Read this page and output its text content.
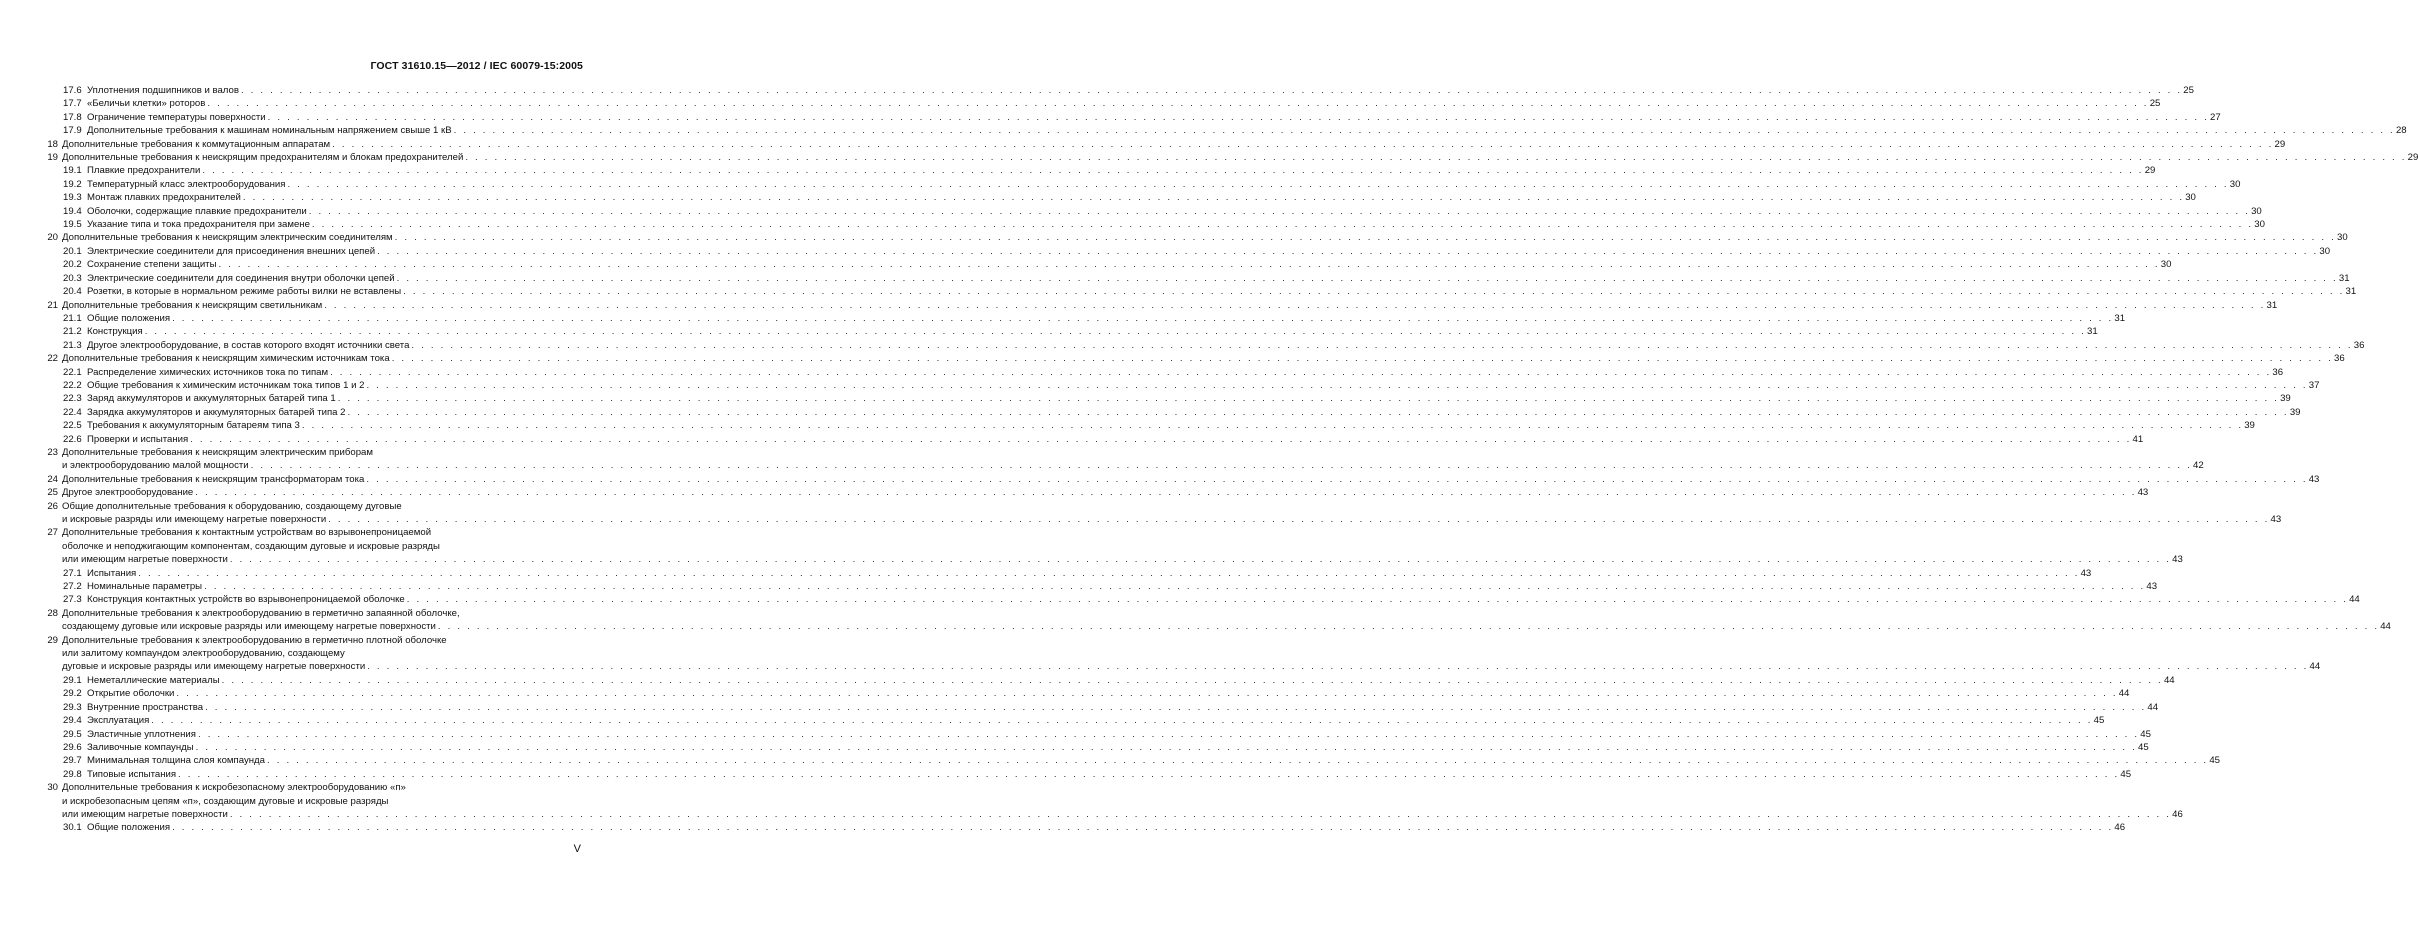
ГОСТ 31610.15—2012 / IEC 60079-15:2005
17.6 Уплотнения подшипников и валов . . . . . . . . . . . . . . . . . . . . . . . . . . . . . . . . . . . . . . . . . . . . . . . . . . . . . . . . . . . . . . . . . . . . . . . . . . . . . . . . . . . . . . . . . . . . . . . . . . . . . . . . . . . . . . . . . . . . . . . . . . . . . . . . . . . . . . . . . . . . . . . . . . . . . . . . . . . . . . . . . . . . . . . . . . . . . . . . . . . . . . . . . . . . . . . . . . . . . . . . 25
17.7 «Беличьи клетки» роторов . . . . . . . . . . . . . . . . . . . . . . . . . . . . . . . . . . . . . . . . . . . . . . . . . . . . . . . . . . . . . . . . . . . . . . . . . . . . . . . . . . . . . . . . . . . . . . . . . . . . . . . . . . . . . . . . . . . . . . . . . . . . . . . . . . . . . . . . . . . . . . . . . . . . . . . . . . . . . . . . . . . . . . . . . . . . . . . . . . . . . . . . . . . . . . . . . . . . . . . . 25
17.8 Ограничение температуры поверхности . . . . . . . . . . . . . . . . . . . . . . . . . . . . . . . . . . . . . . . . . . . . . . . . . . . . . . . . . . . . . . . . . . . . . . . . . . . . . . . . . . . . . . . . . . . . . . . . . . . . . . . . . . . . . . . . . . . . . . . . . . . . . . . . . . . . . . . . . . . . . . . . . . . . . . . . . . . . . . . . . . . . . . . . . . . . . . . . . . . . . . . . . . . . . . . . . . . . . . . . 27
17.9 Дополнительные требования к машинам номинальным напряжением свыше 1 кВ . . . . . . . . . . . . . . . . . . . . . . . . . . . . . . . . . . . . . . . . . . . . . . . . . . . . . . . . . . . . . . . . . . . . . . . . . . . . . . . . . . . . . . . . . . . . . . . . . . . . . . . . . . . . . . . . . . . . . . . . . . . . . . . . . . . . . . . . . . . . . . . . . . . . . . . . . . . . . . . . . . . . . . . . . . . . . . . . . . . . . . . . . . . . . . . . . . . . . . . . 28
18 Дополнительные требования к коммутационным аппаратам . . . . . . . . . . . . . . . . . . . . . . . . . . . . . . . . . . . . . . . . . . . . . . . . . . . . . . . . . . . . . . . . . . . . . . . . . . . . . . . . . . . . . . . . . . . . . . . . . . . . . . . . . . . . . . . . . . . . . . . . . . . . . . . . . . . . . . . . . . . . . . . . . . . . . . . . . . . . . . . . . . . . . . . . . . . . . . . . . . . . . . . . . . . . . . . . . . . . . . . . 29
19 Дополнительные требования к неискрящим предохранителям и блокам предохранителей . . . . . . . . . . . . . . . . . . . . . . . . . . . . . . . . . . . . . . . . . . . . . . . . . . . . . . . . . . . . . . . . . . . . . . . . . . . . . . . . . . . . . . . . . . . . . . . . . . . . . . . . . . . . . . . . . . . . . . . . . . . . . . . . . . . . . . . . . . . . . . . . . . . . . . . . . . . . . . . . . . . . . . . . . . . . . . . . . . . . . . . . . . . . . . . . . . . . . . . . 29
19.1 Плавкие предохранители . . . . . . . . . . . . . . . . . . . . . . . . . . . . . . . . . . . . . . . . . . . . . . . . . . . . . . . . . . . . . . . . . . . . . . . . . . . . . . . . . . . . . . . . . . . . . . . . . . . . . . . . . . . . . . . . . . . . . . . . . . . . . . . . . . . . . . . . . . . . . . . . . . . . . . . . . . . . . . . . . . . . . . . . . . . . . . . . . . . . . . . . . . . . . . . . . . . . . . . . 29
19.2 Температурный класс электрооборудования . . . . . . . . . . . . . . . . . . . . . . . . . . . . . . . . . . . . . . . . . . . . . . . . . . . . . . . . . . . . . . . . . . . . . . . . . . . . . . . . . . . . . . . . . . . . . . . . . . . . . . . . . . . . . . . . . . . . . . . . . . . . . . . . . . . . . . . . . . . . . . . . . . . . . . . . . . . . . . . . . . . . . . . . . . . . . . . . . . . . . . . . . . . . . . . . . . . . . . . . 30
19.3 Монтаж плавких предохранителей . . . . . . . . . . . . . . . . . . . . . . . . . . . . . . . . . . . . . . . . . . . . . . . . . . . . . . . . . . . . . . . . . . . . . . . . . . . . . . . . . . . . . . . . . . . . . . . . . . . . . . . . . . . . . . . . . . . . . . . . . . . . . . . . . . . . . . . . . . . . . . . . . . . . . . . . . . . . . . . . . . . . . . . . . . . . . . . . . . . . . . . . . . . . . . . . . . . . . . . . 30
19.4 Оболочки, содержащие плавкие предохранители . . . . . . . . . . . . . . . . . . . . . . . . . . . . . . . . . . . . . . . . . . . . . . . . . . . . . . . . . . . . . . . . . . . . . . . . . . . . . . . . . . . . . . . . . . . . . . . . . . . . . . . . . . . . . . . . . . . . . . . . . . . . . . . . . . . . . . . . . . . . . . . . . . . . . . . . . . . . . . . . . . . . . . . . . . . . . . . . . . . . . . . . . . . . . . . . . . . . . . . . 30
19.5 Указание типа и тока предохранителя при замене . . . . . . . . . . . . . . . . . . . . . . . . . . . . . . . . . . . . . . . . . . . . . . . . . . . . . . . . . . . . . . . . . . . . . . . . . . . . . . . . . . . . . . . . . . . . . . . . . . . . . . . . . . . . . . . . . . . . . . . . . . . . . . . . . . . . . . . . . . . . . . . . . . . . . . . . . . . . . . . . . . . . . . . . . . . . . . . . . . . . . . . . . . . . . . . . . . . . . . . . 30
20 Дополнительные требования к неискрящим электрическим соединителям . . . . . . . . . . . . . . . . . . . . . . . . . . . . . . . . . . . . . . . . . . . . . . . . . . . . . . . . . . . . . . . . . . . . . . . . . . . . . . . . . . . . . . . . . . . . . . . . . . . . . . . . . . . . . . . . . . . . . . . . . . . . . . . . . . . . . . . . . . . . . . . . . . . . . . . . . . . . . . . . . . . . . . . . . . . . . . . . . . . . . . . . . . . . . . . . . . . . . . . . 30
20.1 Электрические соединители для присоединения внешних цепей . . . . . . . . . . . . . . . . . . . . . . . . . . . . . . . . . . . . . . . . . . . . . . . . . . . . . . . . . . . . . . . . . . . . . . . . . . . . . . . . . . . . . . . . . . . . . . . . . . . . . . . . . . . . . . . . . . . . . . . . . . . . . . . . . . . . . . . . . . . . . . . . . . . . . . . . . . . . . . . . . . . . . . . . . . . . . . . . . . . . . . . . . . . . . . . . . . . . . . . . 30
20.2 Сохранение степени защиты . . . . . . . . . . . . . . . . . . . . . . . . . . . . . . . . . . . . . . . . . . . . . . . . . . . . . . . . . . . . . . . . . . . . . . . . . . . . . . . . . . . . . . . . . . . . . . . . . . . . . . . . . . . . . . . . . . . . . . . . . . . . . . . . . . . . . . . . . . . . . . . . . . . . . . . . . . . . . . . . . . . . . . . . . . . . . . . . . . . . . . . . . . . . . . . . . . . . . . . . 30
20.3 Электрические соединители для соединения внутри оболочки цепей . . . . . . . . . . . . . . . . . . . . . . . . . . . . . . . . . . . . . . . . . . . . . . . . . . . . . . . . . . . . . . . . . . . . . . . . . . . . . . . . . . . . . . . . . . . . . . . . . . . . . . . . . . . . . . . . . . . . . . . . . . . . . . . . . . . . . . . . . . . . . . . . . . . . . . . . . . . . . . . . . . . . . . . . . . . . . . . . . . . . . . . . . . . . . . . . . . . . . . . . 31
20.4 Розетки, в которые в нормальном режиме работы вилки не вставлены . . . . . . . . . . . . . . . . . . . . . . . . . . . . . . . . . . . . . . . . . . . . . . . . . . . . . . . . . . . . . . . . . . . . . . . . . . . . . . . . . . . . . . . . . . . . . . . . . . . . . . . . . . . . . . . . . . . . . . . . . . . . . . . . . . . . . . . . . . . . . . . . . . . . . . . . . . . . . . . . . . . . . . . . . . . . . . . . . . . . . . . . . . . . . . . . . . . . . . . . 31
21 Дополнительные требования к неискрящим светильникам . . . . . . . . . . . . . . . . . . . . . . . . . . . . . . . . . . . . . . . . . . . . . . . . . . . . . . . . . . . . . . . . . . . . . . . . . . . . . . . . . . . . . . . . . . . . . . . . . . . . . . . . . . . . . . . . . . . . . . . . . . . . . . . . . . . . . . . . . . . . . . . . . . . . . . . . . . . . . . . . . . . . . . . . . . . . . . . . . . . . . . . . . . . . . . . . . . . . . . . . 31
21.1 Общие положения . . . . . . . . . . . . . . . . . . . . . . . . . . . . . . . . . . . . . . . . . . . . . . . . . . . . . . . . . . . . . . . . . . . . . . . . . . . . . . . . . . . . . . . . . . . . . . . . . . . . . . . . . . . . . . . . . . . . . . . . . . . . . . . . . . . . . . . . . . . . . . . . . . . . . . . . . . . . . . . . . . . . . . . . . . . . . . . . . . . . . . . . . . . . . . . . . . . . . . . . 31
21.2 Конструкция . . . . . . . . . . . . . . . . . . . . . . . . . . . . . . . . . . . . . . . . . . . . . . . . . . . . . . . . . . . . . . . . . . . . . . . . . . . . . . . . . . . . . . . . . . . . . . . . . . . . . . . . . . . . . . . . . . . . . . . . . . . . . . . . . . . . . . . . . . . . . . . . . . . . . . . . . . . . . . . . . . . . . . . . . . . . . . . . . . . . . . . . . . . . . . . . . . . . . . . . 31
21.3 Другое электрооборудование, в состав которого входят источники света . . . . . . . . . . . . . . . . . . . . . . . . . . . . . . . . . . . . . . . . . . . . . . . . . . . . . . . . . . . . . . . . . . . . . . . . . . . . . . . . . . . . . . . . . . . . . . . . . . . . . . . . . . . . . . . . . . . . . . . . . . . . . . . . . . . . . . . . . . . . . . . . . . . . . . . . . . . . . . . . . . . . . . . . . . . . . . . . . . . . . . . . . . . . . . . . . . . . . . . . 36
22 Дополнительные требования к неискрящим химическим источникам тока . . . . . . . . . . . . . . . . . . . . . . . . . . . . . . . . . . . . . . . . . . . . . . . . . . . . . . . . . . . . . . . . . . . . . . . . . . . . . . . . . . . . . . . . . . . . . . . . . . . . . . . . . . . . . . . . . . . . . . . . . . . . . . . . . . . . . . . . . . . . . . . . . . . . . . . . . . . . . . . . . . . . . . . . . . . . . . . . . . . . . . . . . . . . . . . . . . . . . . . . 36
22.1 Распределение химических источников тока по типам . . . . . . . . . . . . . . . . . . . . . . . . . . . . . . . . . . . . . . . . . . . . . . . . . . . . . . . . . . . . . . . . . . . . . . . . . . . . . . . . . . . . . . . . . . . . . . . . . . . . . . . . . . . . . . . . . . . . . . . . . . . . . . . . . . . . . . . . . . . . . . . . . . . . . . . . . . . . . . . . . . . . . . . . . . . . . . . . . . . . . . . . . . . . . . . . . . . . . . . . 36
22.2 Общие требования к химическим источникам тока типов 1 и 2 . . . . . . . . . . . . . . . . . . . . . . . . . . . . . . . . . . . . . . . . . . . . . . . . . . . . . . . . . . . . . . . . . . . . . . . . . . . . . . . . . . . . . . . . . . . . . . . . . . . . . . . . . . . . . . . . . . . . . . . . . . . . . . . . . . . . . . . . . . . . . . . . . . . . . . . . . . . . . . . . . . . . . . . . . . . . . . . . . . . . . . . . . . . . . . . . . . . . . . . . 37
22.3 Заряд аккумуляторов и аккумуляторных батарей типа 1 . . . . . . . . . . . . . . . . . . . . . . . . . . . . . . . . . . . . . . . . . . . . . . . . . . . . . . . . . . . . . . . . . . . . . . . . . . . . . . . . . . . . . . . . . . . . . . . . . . . . . . . . . . . . . . . . . . . . . . . . . . . . . . . . . . . . . . . . . . . . . . . . . . . . . . . . . . . . . . . . . . . . . . . . . . . . . . . . . . . . . . . . . . . . . . . . . . . . . . . . 39
22.4 Зарядка аккумуляторов и аккумуляторных батарей типа 2 . . . . . . . . . . . . . . . . . . . . . . . . . . . . . . . . . . . . . . . . . . . . . . . . . . . . . . . . . . . . . . . . . . . . . . . . . . . . . . . . . . . . . . . . . . . . . . . . . . . . . . . . . . . . . . . . . . . . . . . . . . . . . . . . . . . . . . . . . . . . . . . . . . . . . . . . . . . . . . . . . . . . . . . . . . . . . . . . . . . . . . . . . . . . . . . . . . . . . . . . 39
22.5 Требования к аккумуляторным батареям типа 3 . . . . . . . . . . . . . . . . . . . . . . . . . . . . . . . . . . . . . . . . . . . . . . . . . . . . . . . . . . . . . . . . . . . . . . . . . . . . . . . . . . . . . . . . . . . . . . . . . . . . . . . . . . . . . . . . . . . . . . . . . . . . . . . . . . . . . . . . . . . . . . . . . . . . . . . . . . . . . . . . . . . . . . . . . . . . . . . . . . . . . . . . . . . . . . . . . . . . . . . . 39
22.6 Проверки и испытания . . . . . . . . . . . . . . . . . . . . . . . . . . . . . . . . . . . . . . . . . . . . . . . . . . . . . . . . . . . . . . . . . . . . . . . . . . . . . . . . . . . . . . . . . . . . . . . . . . . . . . . . . . . . . . . . . . . . . . . . . . . . . . . . . . . . . . . . . . . . . . . . . . . . . . . . . . . . . . . . . . . . . . . . . . . . . . . . . . . . . . . . . . . . . . . . . . . . . . . . 41
23 Дополнительные требования к неискрящим электрическим приборам
и электрооборудованию малой мощности . . . . . . . . . . . . . . . . . . . . . . . . . . . . . . . . . . . . . . . . . . . . . . . . . . . . . . . . . . . . . . . . . . . . . . . . . . . . . . . . . . . . . . . . . . . . . . . . . . . . . . . . . . . . . . . . . . . . . . . . . . . . . . . . . . . . . . . . . . . . . . . . . . . . . . . . . . . . . . . . . . . . . . . . . . . . . . . . . . . . . . . . . . . . . . . . . . . . . . . . 42
24 Дополнительные требования к неискрящим трансформаторам тока . . . . . . . . . . . . . . . . . . . . . . . . . . . . . . . . . . . . . . . . . . . . . . . . . . . . . . . . . . . . . . . . . . . . . . . . . . . . . . . . . . . . . . . . . . . . . . . . . . . . . . . . . . . . . . . . . . . . . . . . . . . . . . . . . . . . . . . . . . . . . . . . . . . . . . . . . . . . . . . . . . . . . . . . . . . . . . . . . . . . . . . . . . . . . . . . . . . . . . . . 43
25 Другое электрооборудование . . . . . . . . . . . . . . . . . . . . . . . . . . . . . . . . . . . . . . . . . . . . . . . . . . . . . . . . . . . . . . . . . . . . . . . . . . . . . . . . . . . . . . . . . . . . . . . . . . . . . . . . . . . . . . . . . . . . . . . . . . . . . . . . . . . . . . . . . . . . . . . . . . . . . . . . . . . . . . . . . . . . . . . . . . . . . . . . . . . . . . . . . . . . . . . . . . . . . . . . 43
26 Общие дополнительные требования к оборудованию, создающему дуговые
и искровые разряды или имеющему нагретые поверхности . . . . . . . . . . . . . . . . . . . . . . . . . . . . . . . . . . . . . . . . . . . . . . . . . . . . . . . . . . . . . . . . . . . . . . . . . . . . . . . . . . . . . . . . . . . . . . . . . . . . . . . . . . . . . . . . . . . . . . . . . . . . . . . . . . . . . . . . . . . . . . . . . . . . . . . . . . . . . . . . . . . . . . . . . . . . . . . . . . . . . . . . . . . . . . . . . . . . . . . . 43
27 Дополнительные требования к контактным устройствам во взрывонепроницаемой
оболочке и неподжигающим компонентам, создающим дуговые и искровые разряды
или имеющим нагретые поверхности . . . . . . . . . . . . . . . . . . . . . . . . . . . . . . . . . . . . . . . . . . . . . . . . . . . . . . . . . . . . . . . . . . . . . . . . . . . . . . . . . . . . . . . . . . . . . . . . . . . . . . . . . . . . . . . . . . . . . . . . . . . . . . . . . . . . . . . . . . . . . . . . . . . . . . . . . . . . . . . . . . . . . . . . . . . . . . . . . . . . . . . . . . . . . . . . . . . . . . . . 43
27.1 Испытания . . . . . . . . . . . . . . . . . . . . . . . . . . . . . . . . . . . . . . . . . . . . . . . . . . . . . . . . . . . . . . . . . . . . . . . . . . . . . . . . . . . . . . . . . . . . . . . . . . . . . . . . . . . . . . . . . . . . . . . . . . . . . . . . . . . . . . . . . . . . . . . . . . . . . . . . . . . . . . . . . . . . . . . . . . . . . . . . . . . . . . . . . . . . . . . . . . . . . . . . 43
27.2 Номинальные параметры . . . . . . . . . . . . . . . . . . . . . . . . . . . . . . . . . . . . . . . . . . . . . . . . . . . . . . . . . . . . . . . . . . . . . . . . . . . . . . . . . . . . . . . . . . . . . . . . . . . . . . . . . . . . . . . . . . . . . . . . . . . . . . . . . . . . . . . . . . . . . . . . . . . . . . . . . . . . . . . . . . . . . . . . . . . . . . . . . . . . . . . . . . . . . . . . . . . . . . . . 43
27.3 Конструкция контактных устройств во взрывонепроницаемой оболочке . . . . . . . . . . . . . . . . . . . . . . . . . . . . . . . . . . . . . . . . . . . . . . . . . . . . . . . . . . . . . . . . . . . . . . . . . . . . . . . . . . . . . . . . . . . . . . . . . . . . . . . . . . . . . . . . . . . . . . . . . . . . . . . . . . . . . . . . . . . . . . . . . . . . . . . . . . . . . . . . . . . . . . . . . . . . . . . . . . . . . . . . . . . . . . . . . . . . . . . . 44
28 Дополнительные требования к электрооборудованию в герметично запаянной оболочке,
создающему дуговые или искровые разряды или имеющему нагретые поверхности . . . . . . . . . . . . . . . . . . . . . . . . . . . . . . . . . . . . . . . . . . . . . . . . . . . . . . . . . . . . . . . . . . . . . . . . . . . . . . . . . . . . . . . . . . . . . . . . . . . . . . . . . . . . . . . . . . . . . . . . . . . . . . . . . . . . . . . . . . . . . . . . . . . . . . . . . . . . . . . . . . . . . . . . . . . . . . . . . . . . . . . . . . . . . . . . . . . . . . . . 44
29 Дополнительные требования к электрооборудованию в герметично плотной оболочке
или залитому компаундом электрооборудованию, создающему
дуговые и искровые разряды или имеющему нагретые поверхности . . . . . . . . . . . . . . . . . . . . . . . . . . . . . . . . . . . . . . . . . . . . . . . . . . . . . . . . . . . . . . . . . . . . . . . . . . . . . . . . . . . . . . . . . . . . . . . . . . . . . . . . . . . . . . . . . . . . . . . . . . . . . . . . . . . . . . . . . . . . . . . . . . . . . . . . . . . . . . . . . . . . . . . . . . . . . . . . . . . . . . . . . . . . . . . . . . . . . . . . 44
29.1 Неметаллические материалы . . . . . . . . . . . . . . . . . . . . . . . . . . . . . . . . . . . . . . . . . . . . . . . . . . . . . . . . . . . . . . . . . . . . . . . . . . . . . . . . . . . . . . . . . . . . . . . . . . . . . . . . . . . . . . . . . . . . . . . . . . . . . . . . . . . . . . . . . . . . . . . . . . . . . . . . . . . . . . . . . . . . . . . . . . . . . . . . . . . . . . . . . . . . . . . . . . . . . . . . 44
29.2 Открытие оболочки . . . . . . . . . . . . . . . . . . . . . . . . . . . . . . . . . . . . . . . . . . . . . . . . . . . . . . . . . . . . . . . . . . . . . . . . . . . . . . . . . . . . . . . . . . . . . . . . . . . . . . . . . . . . . . . . . . . . . . . . . . . . . . . . . . . . . . . . . . . . . . . . . . . . . . . . . . . . . . . . . . . . . . . . . . . . . . . . . . . . . . . . . . . . . . . . . . . . . . . . 44
29.3 Внутренние пространства . . . . . . . . . . . . . . . . . . . . . . . . . . . . . . . . . . . . . . . . . . . . . . . . . . . . . . . . . . . . . . . . . . . . . . . . . . . . . . . . . . . . . . . . . . . . . . . . . . . . . . . . . . . . . . . . . . . . . . . . . . . . . . . . . . . . . . . . . . . . . . . . . . . . . . . . . . . . . . . . . . . . . . . . . . . . . . . . . . . . . . . . . . . . . . . . . . . . . . . . 44
29.4 Эксплуатация . . . . . . . . . . . . . . . . . . . . . . . . . . . . . . . . . . . . . . . . . . . . . . . . . . . . . . . . . . . . . . . . . . . . . . . . . . . . . . . . . . . . . . . . . . . . . . . . . . . . . . . . . . . . . . . . . . . . . . . . . . . . . . . . . . . . . . . . . . . . . . . . . . . . . . . . . . . . . . . . . . . . . . . . . . . . . . . . . . . . . . . . . . . . . . . . . . . . . . . . 45
29.5 Эластичные уплотнения . . . . . . . . . . . . . . . . . . . . . . . . . . . . . . . . . . . . . . . . . . . . . . . . . . . . . . . . . . . . . . . . . . . . . . . . . . . . . . . . . . . . . . . . . . . . . . . . . . . . . . . . . . . . . . . . . . . . . . . . . . . . . . . . . . . . . . . . . . . . . . . . . . . . . . . . . . . . . . . . . . . . . . . . . . . . . . . . . . . . . . . . . . . . . . . . . . . . . . . . 45
29.6 Заливочные компаунды . . . . . . . . . . . . . . . . . . . . . . . . . . . . . . . . . . . . . . . . . . . . . . . . . . . . . . . . . . . . . . . . . . . . . . . . . . . . . . . . . . . . . . . . . . . . . . . . . . . . . . . . . . . . . . . . . . . . . . . . . . . . . . . . . . . . . . . . . . . . . . . . . . . . . . . . . . . . . . . . . . . . . . . . . . . . . . . . . . . . . . . . . . . . . . . . . . . . . . . . 45
29.7 Минимальная толщина слоя компаунда . . . . . . . . . . . . . . . . . . . . . . . . . . . . . . . . . . . . . . . . . . . . . . . . . . . . . . . . . . . . . . . . . . . . . . . . . . . . . . . . . . . . . . . . . . . . . . . . . . . . . . . . . . . . . . . . . . . . . . . . . . . . . . . . . . . . . . . . . . . . . . . . . . . . . . . . . . . . . . . . . . . . . . . . . . . . . . . . . . . . . . . . . . . . . . . . . . . . . . . . 45
29.8 Типовые испытания . . . . . . . . . . . . . . . . . . . . . . . . . . . . . . . . . . . . . . . . . . . . . . . . . . . . . . . . . . . . . . . . . . . . . . . . . . . . . . . . . . . . . . . . . . . . . . . . . . . . . . . . . . . . . . . . . . . . . . . . . . . . . . . . . . . . . . . . . . . . . . . . . . . . . . . . . . . . . . . . . . . . . . . . . . . . . . . . . . . . . . . . . . . . . . . . . . . . . . . . 45
30 Дополнительные требования к искробезопасному электрооборудованию «п»
и искробезопасным цепям «п», создающим дуговые и искровые разряды
или имеющим нагретые поверхности . . . . . . . . . . . . . . . . . . . . . . . . . . . . . . . . . . . . . . . . . . . . . . . . . . . . . . . . . . . . . . . . . . . . . . . . . . . . . . . . . . . . . . . . . . . . . . . . . . . . . . . . . . . . . . . . . . . . . . . . . . . . . . . . . . . . . . . . . . . . . . . . . . . . . . . . . . . . . . . . . . . . . . . . . . . . . . . . . . . . . . . . . . . . . . . . . . . . . . . . 46
30.1 Общие положения . . . . . . . . . . . . . . . . . . . . . . . . . . . . . . . . . . . . . . . . . . . . . . . . . . . . . . . . . . . . . . . . . . . . . . . . . . . . . . . . . . . . . . . . . . . . . . . . . . . . . . . . . . . . . . . . . . . . . . . . . . . . . . . . . . . . . . . . . . . . . . . . . . . . . . . . . . . . . . . . . . . . . . . . . . . . . . . . . . . . . . . . . . . . . . . . . . . . . . . . 46
V
